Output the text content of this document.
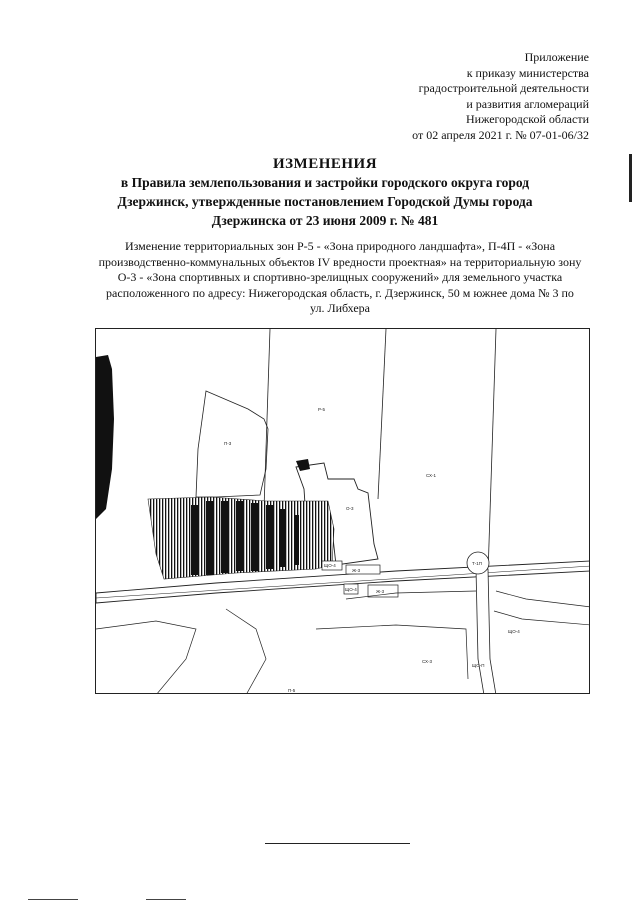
Приложение
к приказу министерства
градостроительной деятельности
и развития агломераций
Нижегородской области
от 02 апреля 2021 г. № 07-01-06/32
ИЗМЕНЕНИЯ
в Правила землепользования и застройки городского округа город
Дзержинск, утвержденные постановлением Городской Думы города
Дзержинска от 23 июня 2009 г. № 481
Изменение территориальных зон Р-5 - «Зона природного ландшафта», П-4П - «Зона
производственно-коммунальных объектов IV вредности проектная» на территориальную зону
О-3 - «Зона спортивных и спортивно-зрелищных сооружений» для земельного участка
расположенного по адресу: Нижегородская область, г. Дзержинск, 50 м южнее дома № 3 по
ул. Либхера
Р-5
П-3
О-3
СХ-1
Т-1П
Ж-3
ЩО-4
Ж-3
ЩО-4
ЩО-4
СХ-3
ЩО-П
П-5
